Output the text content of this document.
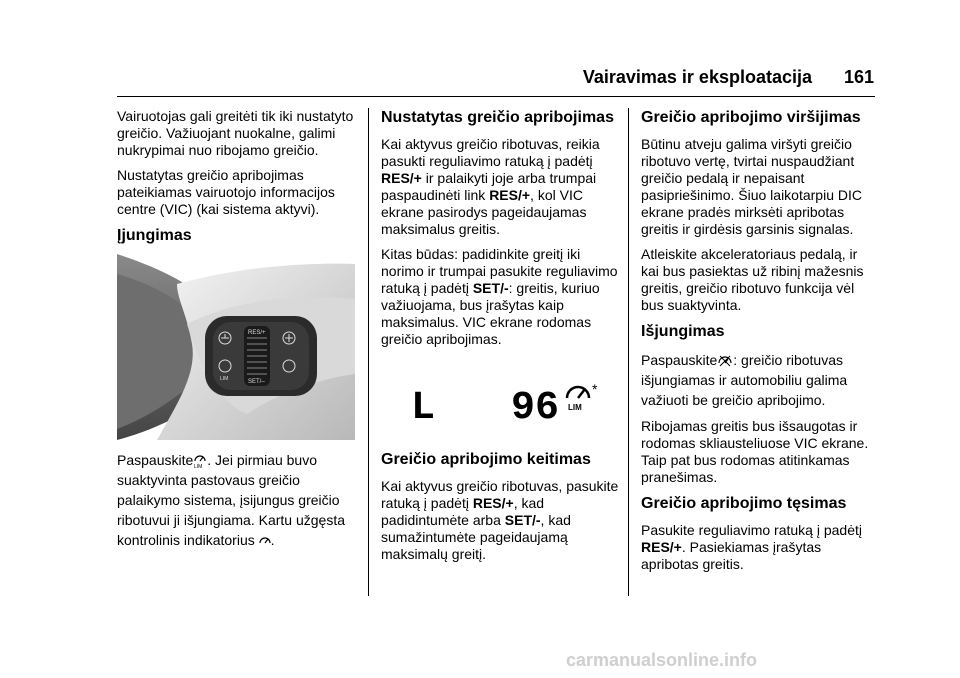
Vairavimas ir eksploatacija 161

Vairuotojas gali greitėti tik iki nustatyto greičio. Važiuojant nuokalne, galimi nukrypimai nuo ribojamo greičio.

Nustatytas greičio apribojimas pateikiamas vairuotojo informacijos centre (VIC) (kai sistema aktyvi).

Įjungimas
RES/+
SET/–
LIM

Paspauskite LIM . Jei pirmiau buvo suaktyvinta pastovaus greičio palaikymo sistema, įsijungus greičio ribotuvui ji išjungiama. Kartu užgęsta kontrolinis indikatorius .

Nustatytas greičio apribojimas

Kai aktyvus greičio ribotuvas, reikia pasukti reguliavimo ratuką į padėtį RES/+ ir palaikyti joje arba trumpai paspaudinėti link RES/+, kol VIC ekrane pasirodys pageidaujamas maksimalus greitis.

Kitas būdas: padidinkite greitį iki norimo ir trumpai pasukite reguliavimo ratuką į padėtį SET/-: greitis, kuriuo važiuojama, bus įrašytas kaip maksimalus. VIC ekrane rodomas greičio apribojimas.

L 96 LIM
*
Greičio apribojimo keitimas

Kai aktyvus greičio ribotuvas, pasukite ratuką į padėtį RES/+, kad padidintumėte arba SET/-, kad sumažintumėte pageidaujamą maksimalų greitį.

Greičio apribojimo viršijimas

Būtinu atveju galima viršyti greičio ribotuvo vertę, tvirtai nuspaudžiant greičio pedalą ir nepaisant pasipriešinimo. Šiuo laikotarpiu DIC ekrane pradės mirksėti apribotas greitis ir girdėsis garsinis signalas.

Atleiskite akceleratoriaus pedalą, ir kai bus pasiektas už ribinį mažesnis greitis, greičio ribotuvo funkcija vėl bus suaktyvinta.

Išjungimas

Paspauskite : greičio ribotuvas išjungiamas ir automobiliu galima važiuoti be greičio apribojimo.

Ribojamas greitis bus išsaugotas ir rodomas skliausteliuose VIC ekrane. Taip pat bus rodomas atitinkamas pranešimas.

Greičio apribojimo tęsimas

Pasukite reguliavimo ratuką į padėtį RES/+. Pasiekiamas įrašytas apribotas greitis.

carmanualsonline.info
